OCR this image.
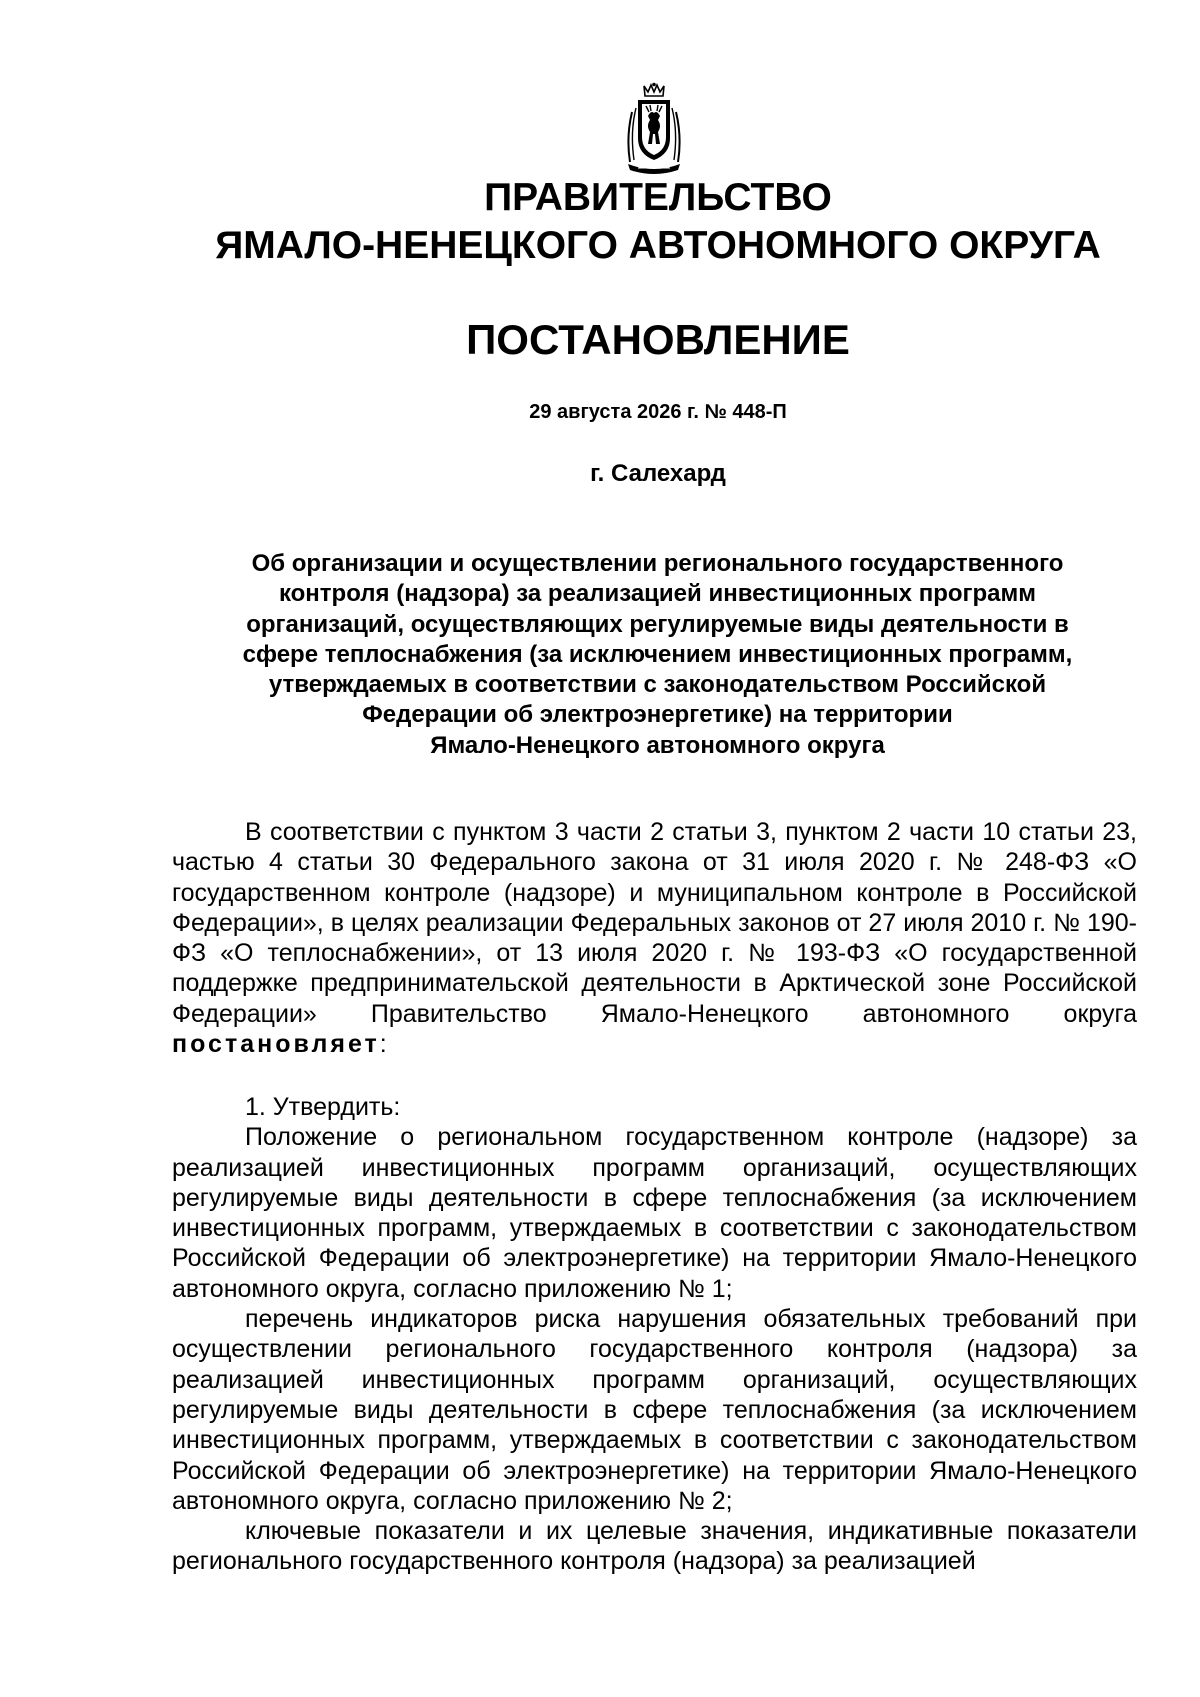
ПРАВИТЕЛЬСТВО
ЯМАЛО-НЕНЕЦКОГО АВТОНОМНОГО ОКРУГА
ПОСТАНОВЛЕНИЕ
29 августа 2026 г. № 448-П
г. Салехард
Об организации и осуществлении регионального государственного
контроля (надзора) за реализацией инвестиционных программ
организаций, осуществляющих регулируемые виды деятельности в
сфере теплоснабжения (за исключением инвестиционных программ,
утверждаемых в соответствии с законодательством Российской
Федерации об электроэнергетике) на территории
Ямало-Ненецкого автономного округа

В соответствии с пунктом 3 части 2 статьи 3, пунктом 2 части 10 статьи 23, частью 4 статьи 30 Федерального закона от 31 июля 2020 г. № 248-ФЗ «О государственном контроле (надзоре) и муниципальном контроле в Российской Федерации», в целях реализации Федеральных законов от 27 июля 2010 г. № 190-ФЗ «О теплоснабжении», от 13 июля 2020 г. № 193-ФЗ «О государственной поддержке предпринимательской деятельности в Арктической зоне Российской Федерации» Правительство Ямало-Ненецкого автономного округа постановляет:

1. Утвердить:

Положение о региональном государственном контроле (надзоре) за реализацией инвестиционных программ организаций, осуществляющих регулируемые виды деятельности в сфере теплоснабжения (за исключением инвестиционных программ, утверждаемых в соответствии с законодательством Российской Федерации об электроэнергетике) на территории Ямало-Ненецкого автономного округа, согласно приложению № 1;

перечень индикаторов риска нарушения обязательных требований при осуществлении регионального государственного контроля (надзора) за реализацией инвестиционных программ организаций, осуществляющих регулируемые виды деятельности в сфере теплоснабжения (за исключением инвестиционных программ, утверждаемых в соответствии с законодательством Российской Федерации об электроэнергетике) на территории Ямало-Ненецкого автономного округа, согласно приложению № 2;

ключевые показатели и их целевые значения, индикативные показатели регионального государственного контроля (надзора) за реализацией
